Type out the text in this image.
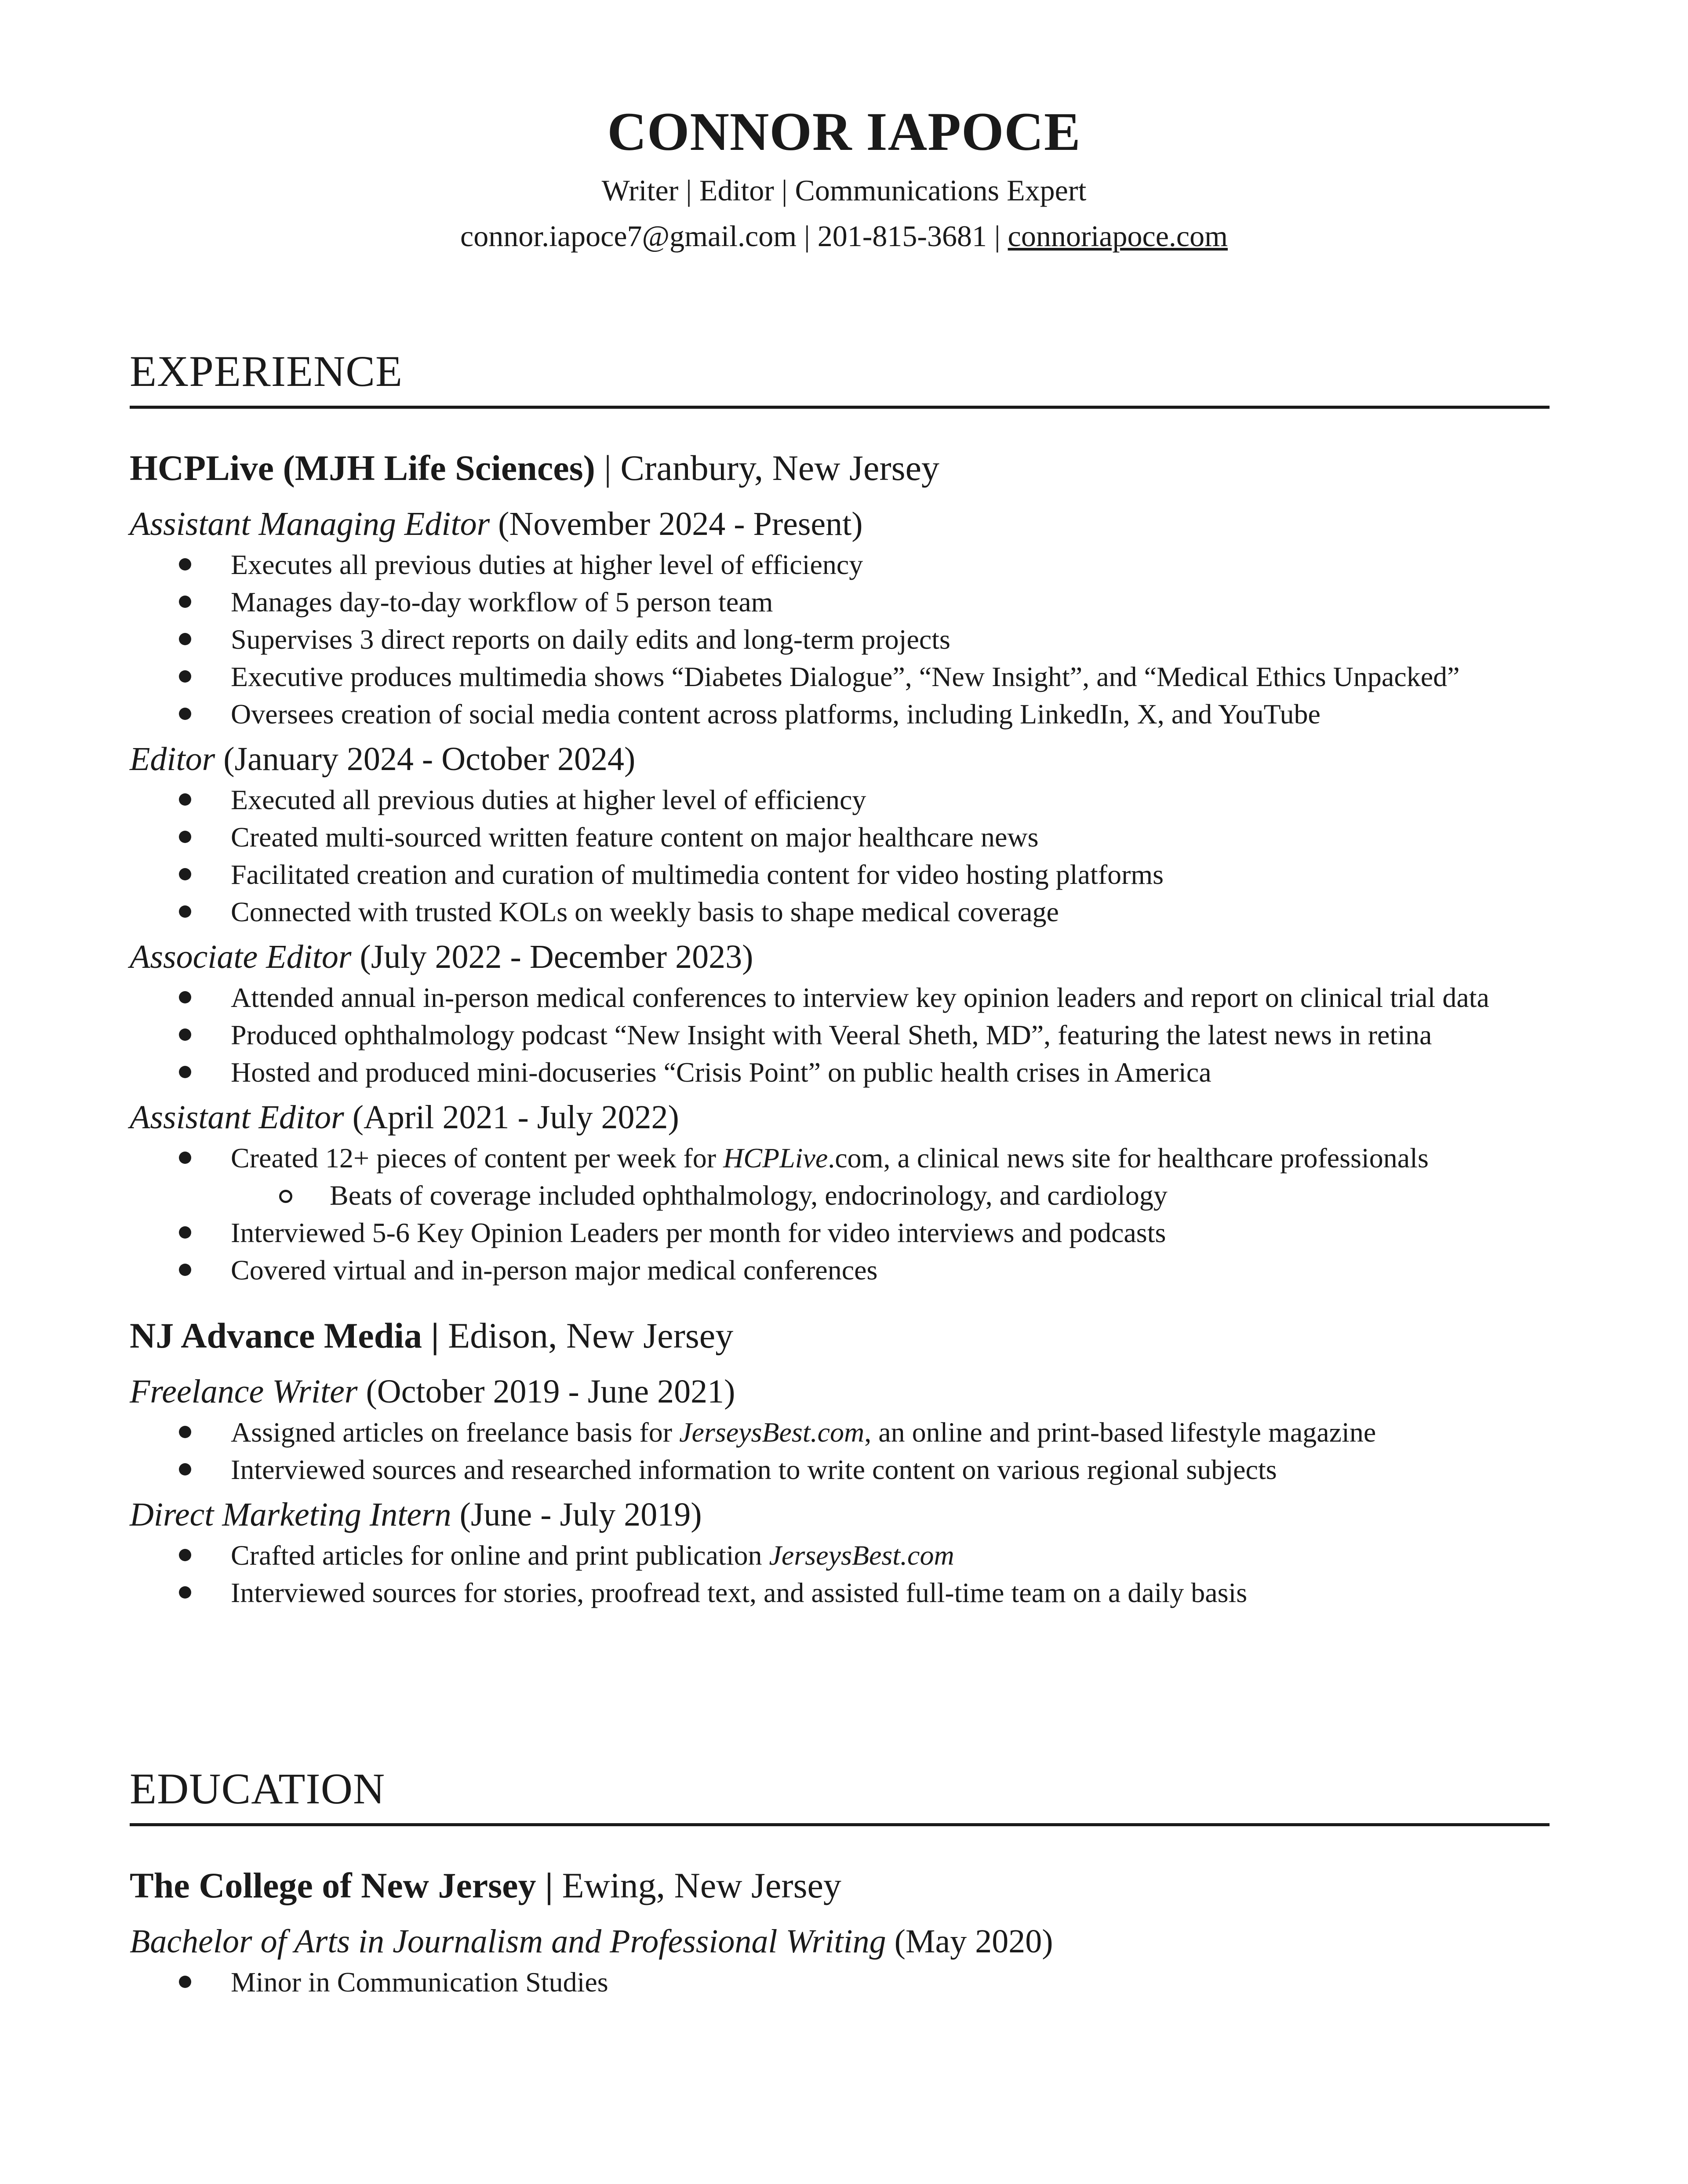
CONNOR IAPOCE
Writer | Editor | Communications Expert
connor.iapoce7@gmail.com | 201-815-3681 | connoriapoce.com
EXPERIENCE
HCPLive (MJH Life Sciences) | Cranbury, New Jersey
Assistant Managing Editor (November 2024 - Present)
Executes all previous duties at higher level of efficiency
Manages day-to-day workflow of 5 person team
Supervises 3 direct reports on daily edits and long-term projects
Executive produces multimedia shows “Diabetes Dialogue”, “New Insight”, and “Medical Ethics Unpacked”
Oversees creation of social media content across platforms, including LinkedIn, X, and YouTube
Editor (January 2024 - October 2024)
Executed all previous duties at higher level of efficiency
Created multi-sourced written feature content on major healthcare news
Facilitated creation and curation of multimedia content for video hosting platforms
Connected with trusted KOLs on weekly basis to shape medical coverage
Associate Editor (July 2022 - December 2023)
Attended annual in-person medical conferences to interview key opinion leaders and report on clinical trial data
Produced ophthalmology podcast “New Insight with Veeral Sheth, MD”, featuring the latest news in retina
Hosted and produced mini-docuseries “Crisis Point” on public health crises in America
Assistant Editor (April 2021 - July 2022)
Created 12+ pieces of content per week for HCPLive.com, a clinical news site for healthcare professionals
Beats of coverage included ophthalmology, endocrinology, and cardiology
Interviewed 5-6 Key Opinion Leaders per month for video interviews and podcasts
Covered virtual and in-person major medical conferences
NJ Advance Media | Edison, New Jersey
Freelance Writer (October 2019 - June 2021)
Assigned articles on freelance basis for JerseysBest.com, an online and print-based lifestyle magazine
Interviewed sources and researched information to write content on various regional subjects
Direct Marketing Intern (June - July 2019)
Crafted articles for online and print publication JerseysBest.com
Interviewed sources for stories, proofread text, and assisted full-time team on a daily basis
EDUCATION
The College of New Jersey | Ewing, New Jersey
Bachelor of Arts in Journalism and Professional Writing (May 2020)
Minor in Communication Studies
